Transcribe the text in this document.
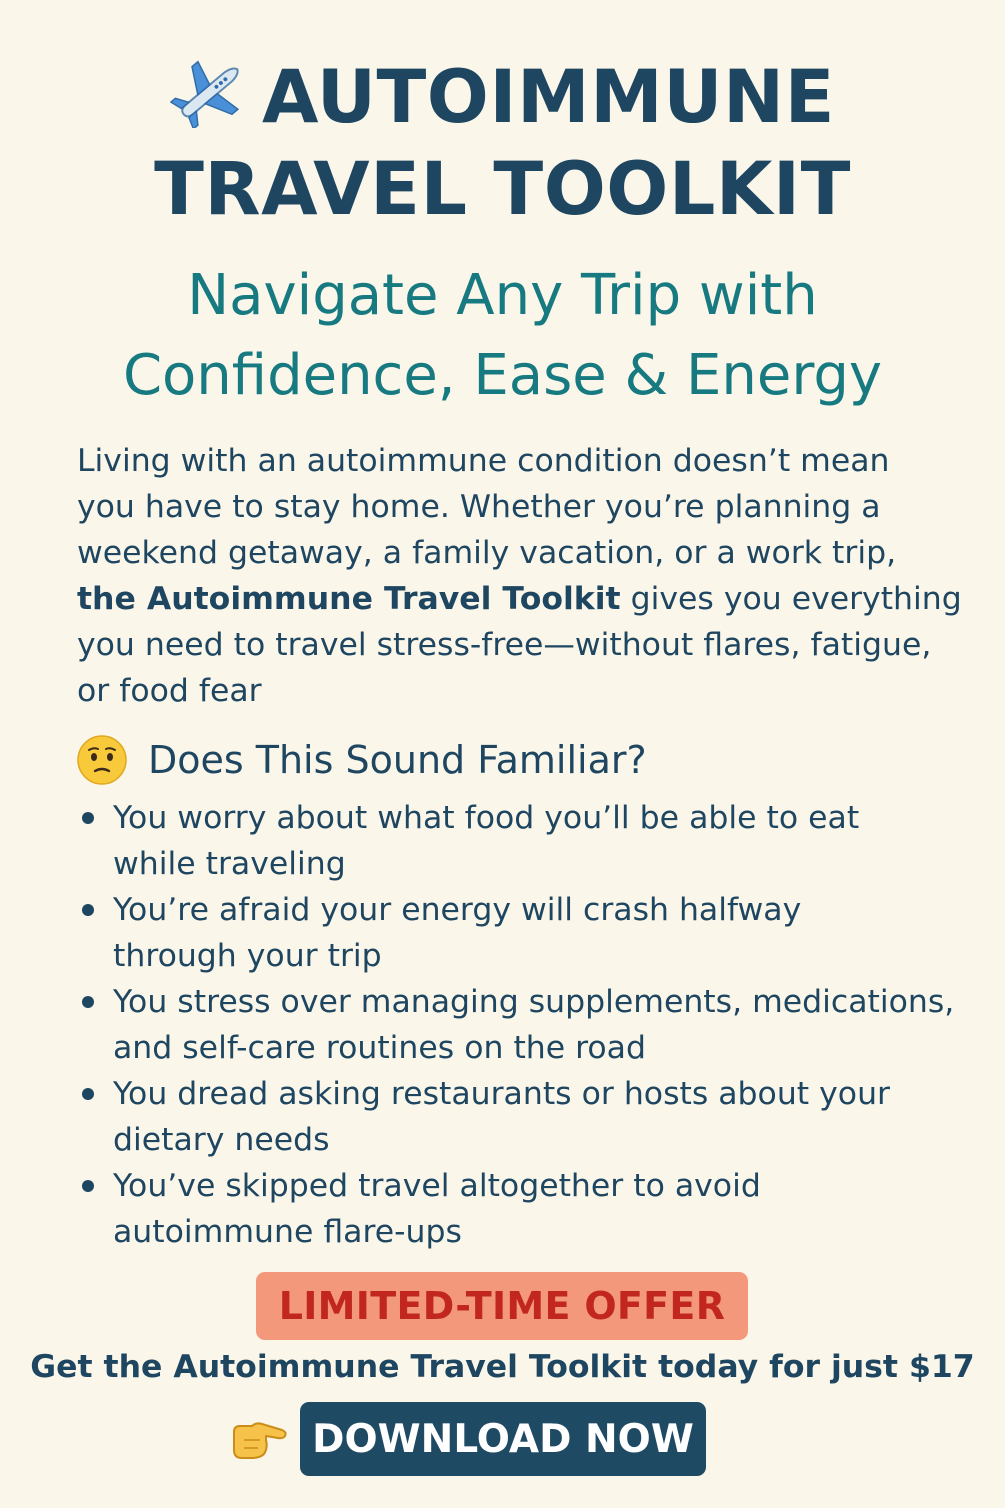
AUTOIMMUNE
TRAVEL TOOLKIT
Navigate Any Trip with
Confidence, Ease & Energy

Living with an autoimmune condition doesn’t mean
you have to stay home. Whether you’re planning a
weekend getaway, a family vacation, or a work trip,
the Autoimmune Travel Toolkit gives you everything
you need to travel stress-free—without flares, fatigue,
or food fear

Does This Sound Familiar?
You worry about what food you’ll be able to eat
while traveling
You’re afraid your energy will crash halfway
through your trip
You stress over managing supplements, medications,
and self-care routines on the road
You dread asking restaurants or hosts about your
dietary needs
You’ve skipped travel altogether to avoid
autoimmune flare-ups
LIMITED-TIME OFFER
Get the Autoimmune Travel Toolkit today for just $17
DOWNLOAD NOW
